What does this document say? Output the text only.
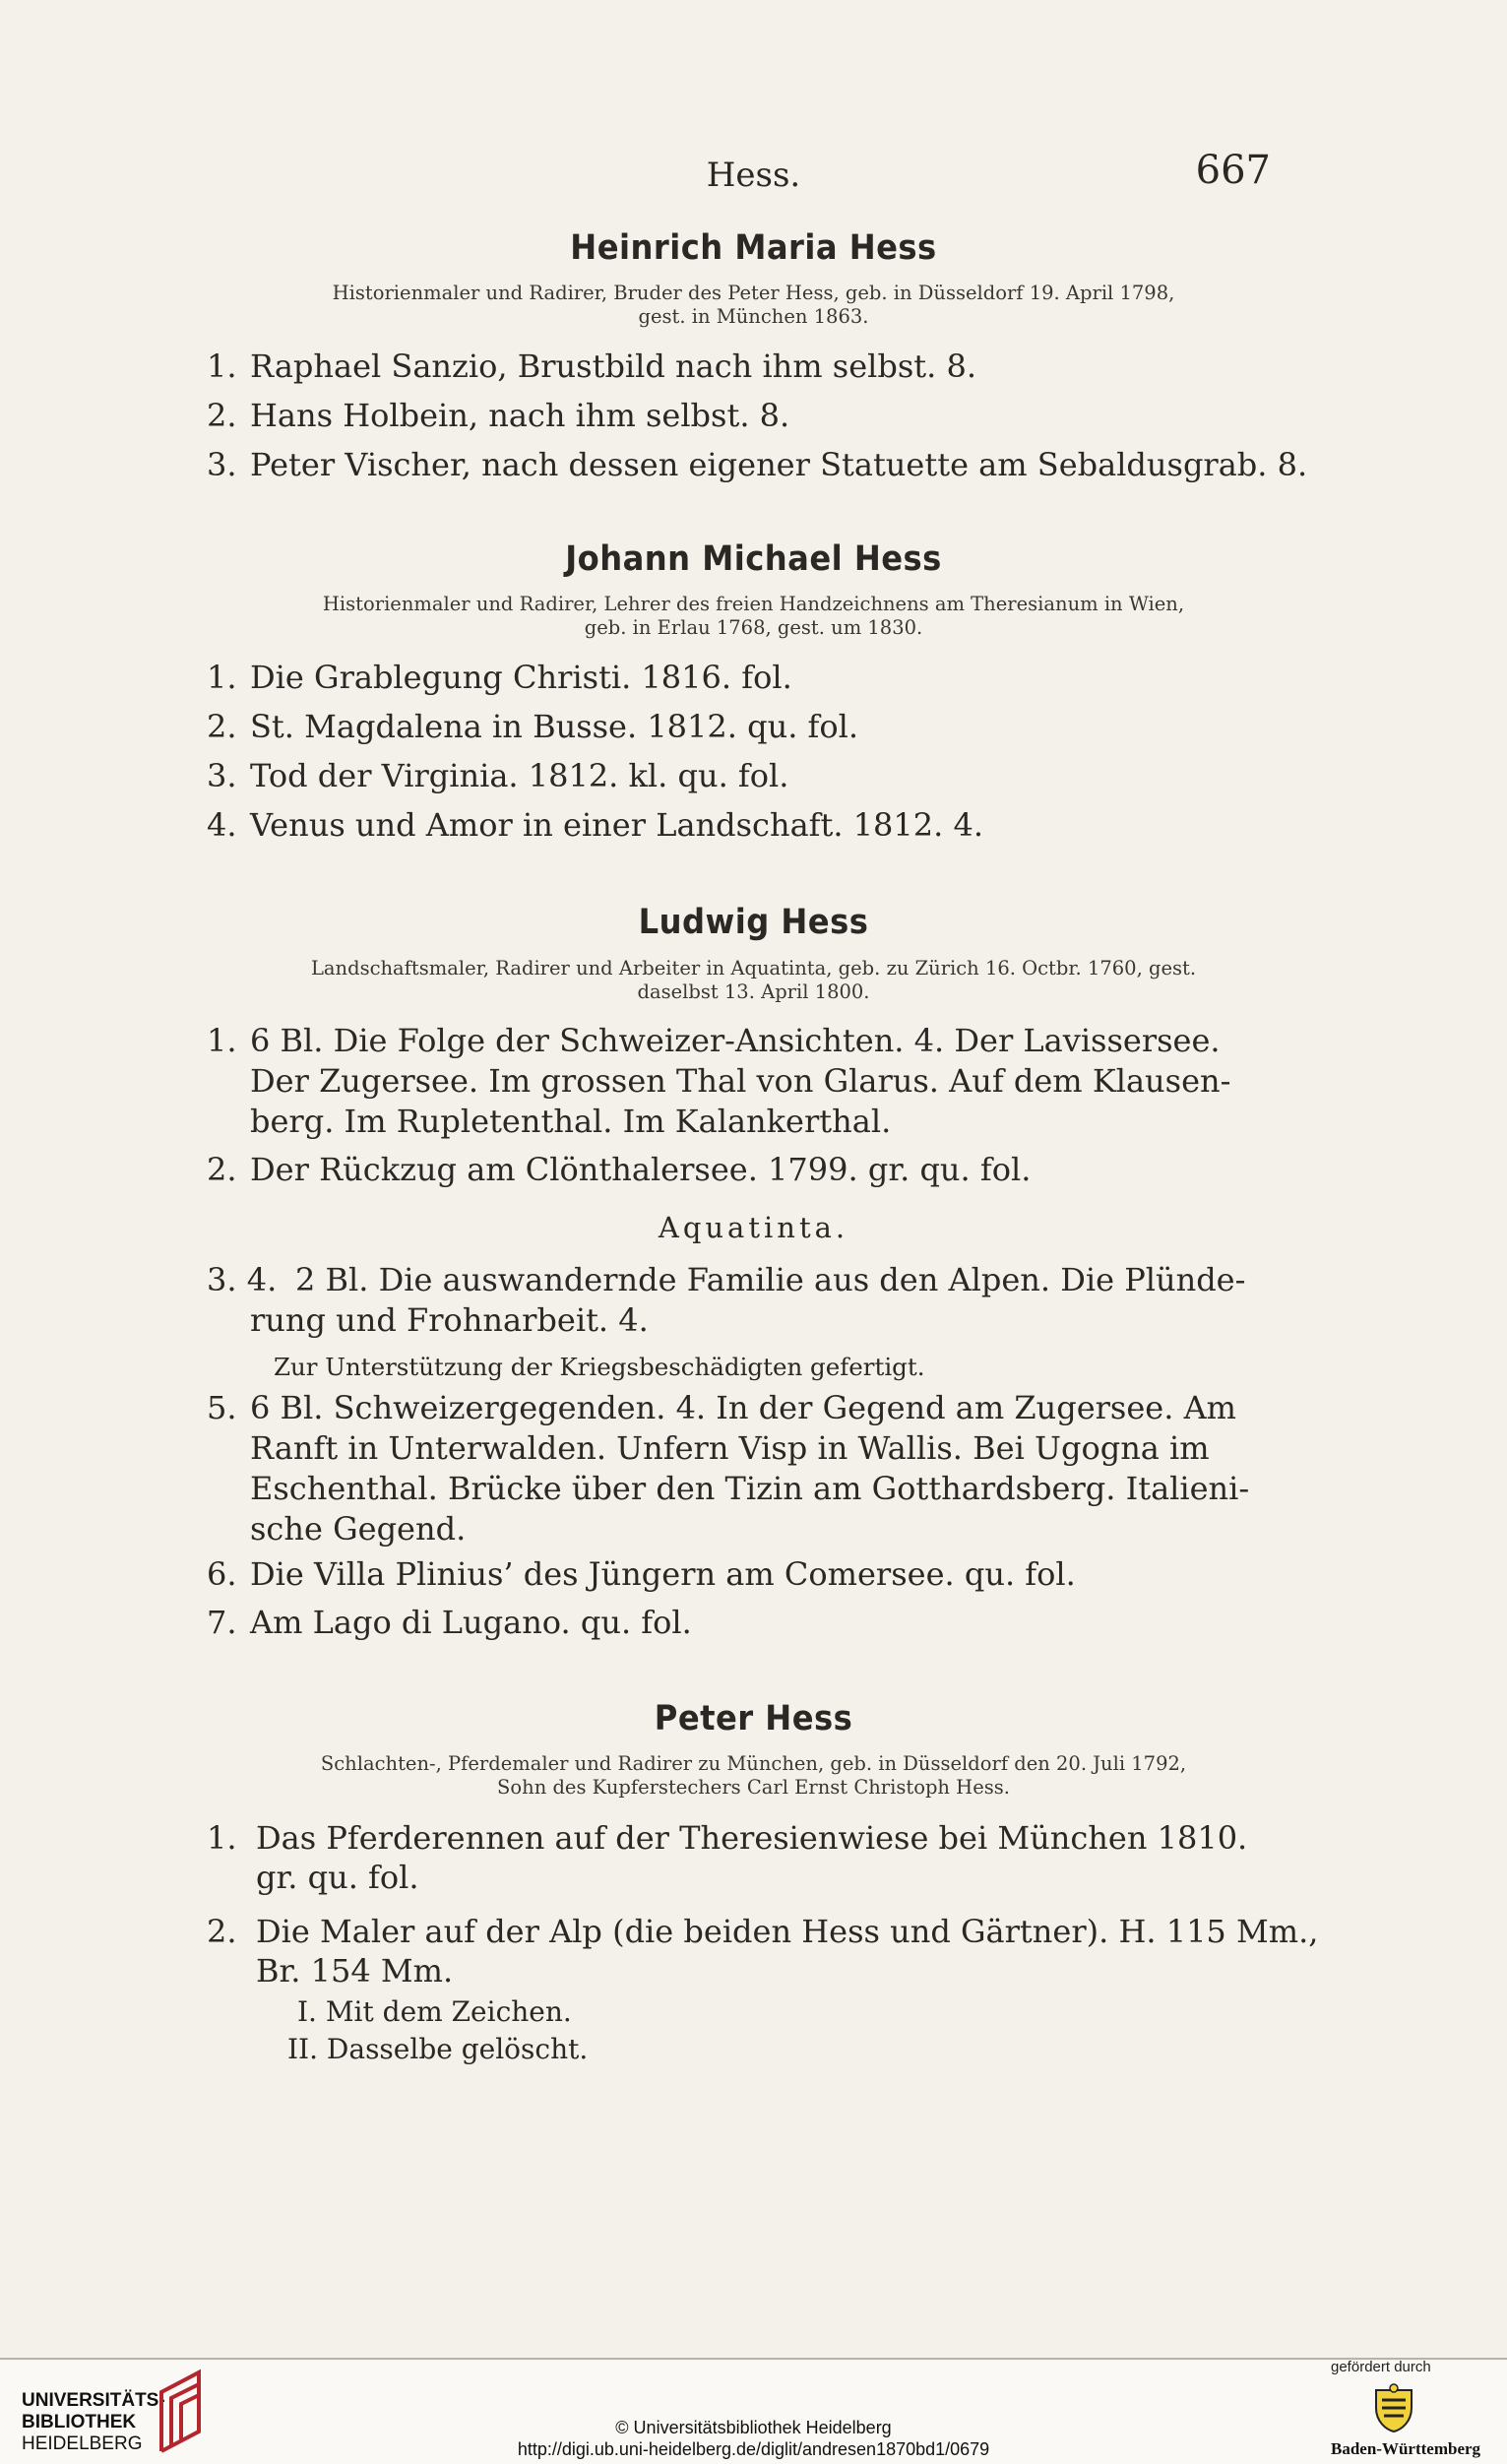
Hess.	667
Heinrich Maria Hess
Historienmaler und Radirer, Bruder des Peter Hess, geb. in Düsseldorf 19. April 1798,
gest. in München 1863.
1. Raphael Sanzio, Brustbild nach ihm selbst. 8.
2. Hans Holbein, nach ihm selbst. 8.
3. Peter Vischer, nach dessen eigener Statuette am Sebaldusgrab. 8.
Johann Michael Hess
Historienmaler und Radirer, Lehrer des freien Handzeichnens am Theresianum in Wien,
geb. in Erlau 1768, gest. um 1830.
1. Die Grablegung Christi. 1816. fol.
2. St. Magdalena in Busse. 1812. qu. fol.
3. Tod der Virginia. 1812. kl. qu. fol.
4. Venus und Amor in einer Landschaft. 1812. 4.
Ludwig Hess
Landschaftsmaler, Radirer und Arbeiter in Aquatinta, geb. zu Zürich 16. Octbr. 1760, gest.
daselbst 13. April 1800.
1. 6 Bl. Die Folge der Schweizer-Ansichten. 4. Der Lavissersee.
Der Zugersee. Im grossen Thal von Glarus. Auf dem Klausen-
berg. Im Rupletenthal. Im Kalankerthal.
2. Der Rückzug am Clönthalersee. 1799. gr. qu. fol.
Aquatinta.
3. 4. 2 Bl. Die auswandernde Familie aus den Alpen. Die Plünde-
rung und Frohnarbeit. 4.
Zur Unterstützung der Kriegsbeschädigten gefertigt.
5. 6 Bl. Schweizergegenden. 4. In der Gegend am Zugersee. Am
Ranft in Unterwalden. Unfern Visp in Wallis. Bei Ugogna im
Eschenthal. Brücke über den Tizin am Gotthardsberg. Italieni-
sche Gegend.
6. Die Villa Plinius’ des Jüngern am Comersee. qu. fol.
7. Am Lago di Lugano. qu. fol.
Peter Hess
Schlachten-, Pferdemaler und Radirer zu München, geb. in Düsseldorf den 20. Juli 1792,
Sohn des Kupferstechers Carl Ernst Christoph Hess.
1. Das Pferderennen auf der Theresienwiese bei München 1810.
gr. qu. fol.
2. Die Maler auf der Alp (die beiden Hess und Gärtner). H. 115 Mm.,
Br. 154 Mm.
I. Mit dem Zeichen.
II. Dasselbe gelöscht.
UNIVERSITÄTS-
BIBLIOTHEK
HEIDELBERG
© Universitätsbibliothek Heidelberg
http://digi.ub.uni-heidelberg.de/diglit/andresen1870bd1/0679
gefördert durch
Baden-Württemberg
